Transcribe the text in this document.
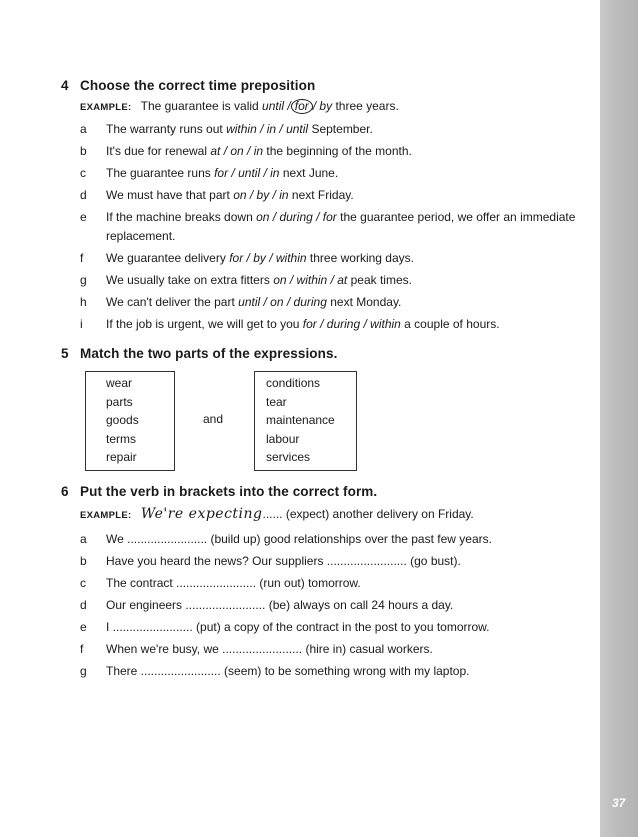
37
4 Choose the correct time preposition
EXAMPLE: The guarantee is valid until / for / by three years.
a	The warranty runs out within / in / until September.
b	It's due for renewal at / on / in the beginning of the month.
c	The guarantee runs for / until / in next June.
d	We must have that part on / by / in next Friday.
e	If the machine breaks down on / during / for the guarantee period, we offer an immediate
replacement.
f	We guarantee delivery for / by / within three working days.
g	We usually take on extra fitters on / within / at peak times.
h	We can't deliver the part until / on / during next Monday.
i	If the job is urgent, we will get to you for / during / within a couple of hours.
5 Match the two parts of the expressions.
wear
parts
goods
terms
repair
and
conditions
tear
maintenance
labour
services
6 Put the verb in brackets into the correct form.
EXAMPLE: We're expecting...... (expect) another delivery on Friday.
a	We ........................ (build up) good relationships over the past few years.
b	Have you heard the news? Our suppliers ........................ (go bust).
c	The contract ........................ (run out) tomorrow.
d	Our engineers ........................ (be) always on call 24 hours a day.
e	I ........................ (put) a copy of the contract in the post to you tomorrow.
f	When we're busy, we ........................ (hire in) casual workers.
g	There ........................ (seem) to be something wrong with my laptop.
